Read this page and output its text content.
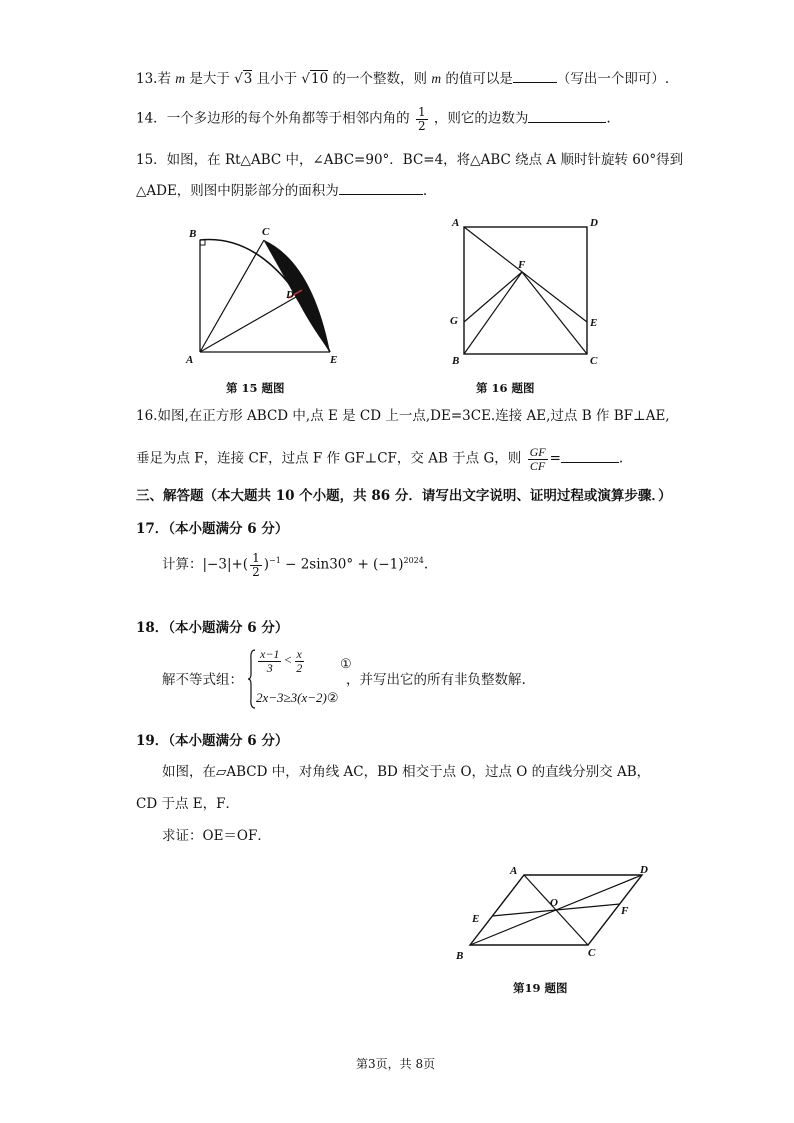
13.若 m 是大于 √3 且小于 √10 的一个整数，则 m 的值可以是	（写出一个即可）.
14．一个多边形的每个外角都等于相邻内角的 $\frac{1}{2}$ ，则它的边数为	.
15．如图，在 Rt△ABC 中，∠ABC=90°．BC=4，将△ABC 绕点 A 顺时针旋转 60°得到
△ADE，则图中阴影部分的面积为	.
B	C
D
A	E
第 15 题图
A	D
F
G	E
B	C
第 16 题图
16.如图,在正方形 ABCD 中,点 E 是 CD 上一点,DE=3CE.连接 AE,过点 B 作 BF⊥AE,
垂足为点 F，连接 CF，过点 F 作 GF⊥CF，交 AB 于点 G，则 $\frac{GF}{CF}$ =	.
三、解答题（本大题共 10 个小题，共 86 分．请写出文字说明、证明过程或演算步骤．）
17．（本小题满分 6 分）
计算：$|-3|+( \frac{1}{2} )^{-1} - 2\sin 30^\circ + (-1)^{2024}$.
18．（本小题满分 6 分）
解不等式组：
$\frac{x-1}{3} < \frac{x}{2}$	①
2x−3≥3(x−2)②
，并写出它的所有非负整数解.
19．（本小题满分 6 分）
如图，在▱ABCD 中，对角线 AC，BD 相交于点 O，过点 O 的直线分别交 AB，
CD 于点 E，F．
求证：OE＝OF．
A	D
O
E
F
B	C
第19 题图
第3页，共 8页
